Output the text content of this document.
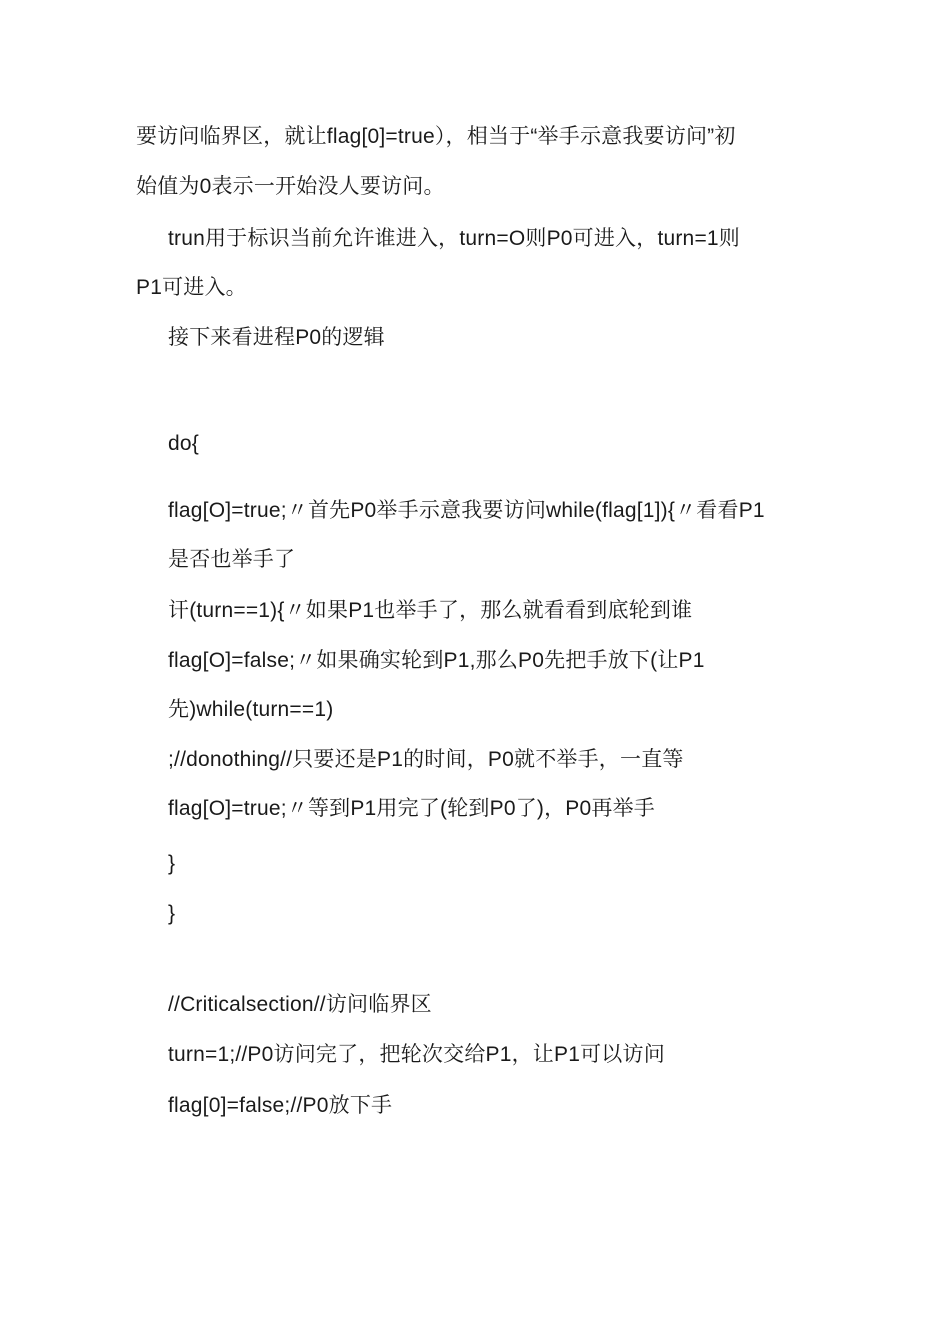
要访问临界区，就让flag[0]=true），相当于“举手示意我要访问”初
始值为0表示一开始没人要访问。
trun用于标识当前允许谁进入，turn=O则P0可进入，turn=1则
P1可进入。
接下来看进程P0的逻辑
do{
flag[O]=true;〃首先P0举手示意我要访问while(flag[1]){〃看看P1
是否也举手了
讦(turn==1){〃如果P1也举手了，那么就看看到底轮到谁
flag[O]=false;〃如果确实轮到P1,那么P0先把手放下(让P1
先)while(turn==1)
;//donothing//只要还是P1的时间，P0就不举手，一直等
flag[O]=true;〃等到P1用完了(轮到P0了)，P0再举手
}
}
//Criticalsection//访问临界区
turn=1;//P0访问完了，把轮次交给P1，让P1可以访问
flag[0]=false;//P0放下手
